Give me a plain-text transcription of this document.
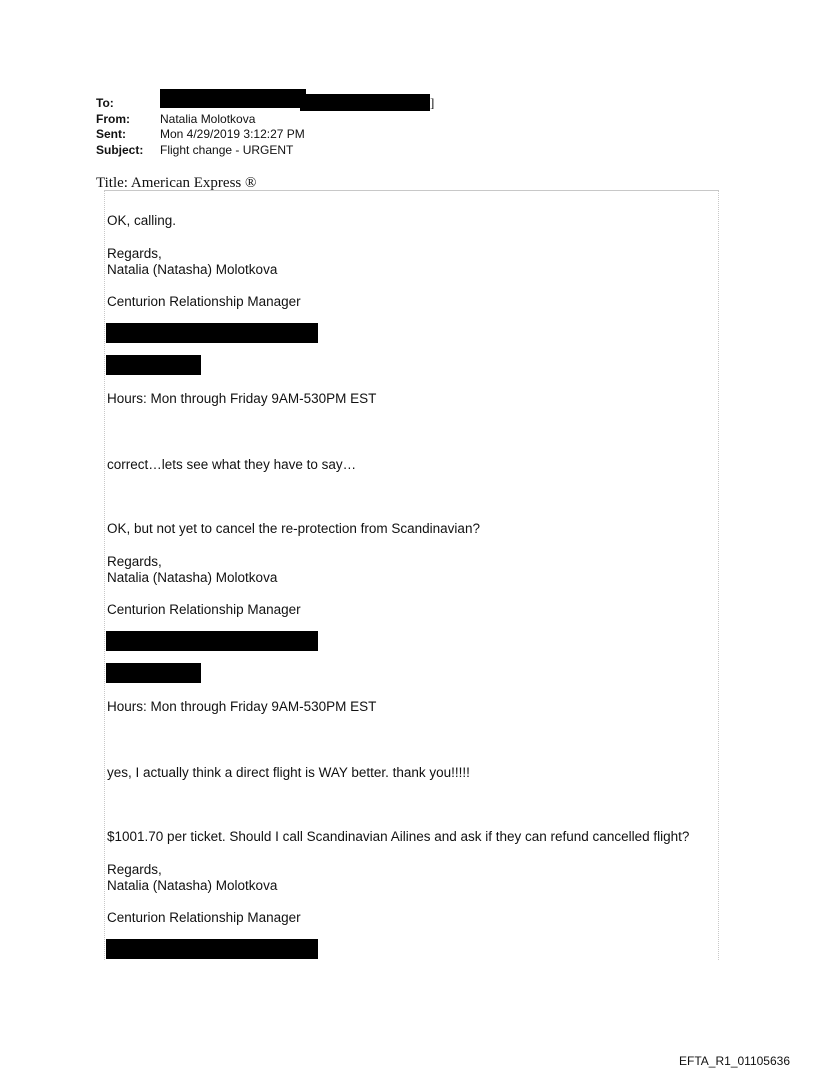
To:	]
From:	Natalia Molotkova
Sent:	Mon 4/29/2019 3:12:27 PM
Subject:	Flight change - URGENT
Title: American Express ®
OK, calling.
Regards,
Natalia (Natasha) Molotkova
Centurion Relationship Manager
Hours: Mon through Friday 9AM-530PM EST
correct…lets see what they have to say…
OK, but not yet to cancel the re-protection from Scandinavian?
Regards,
Natalia (Natasha) Molotkova
Centurion Relationship Manager
Hours: Mon through Friday 9AM-530PM EST
yes, I actually think a direct flight is WAY better. thank you!!!!!
$1001.70 per ticket. Should I call Scandinavian Ailines and ask if they can refund cancelled flight?
Regards,
Natalia (Natasha) Molotkova
Centurion Relationship Manager
EFTA_R1_01105636
